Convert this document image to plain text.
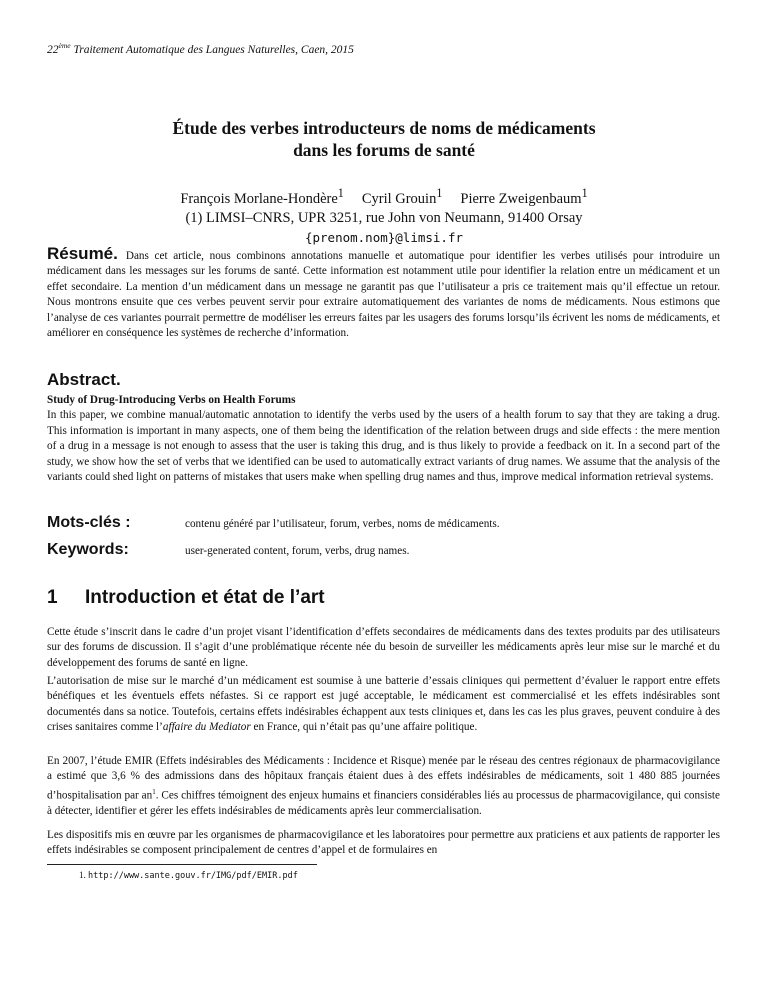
22ème Traitement Automatique des Langues Naturelles, Caen, 2015
Étude des verbes introducteurs de noms de médicaments
dans les forums de santé
François Morlane-Hondère$^1$ Cyril Grouin$^1$ Pierre Zweigenbaum$^1$
(1) LIMSI–CNRS, UPR 3251, rue John von Neumann, 91400 Orsay
{prenom.nom}@limsi.fr
Résumé. Dans cet article, nous combinons annotations manuelle et automatique pour identifier les verbes utilisés pour introduire un médicament dans les messages sur les forums de santé. Cette information est notamment utile pour identifier la relation entre un médicament et un effet secondaire. La mention d’un médicament dans un message ne garantit pas que l’utilisateur a pris ce traitement mais qu’il effectue un retour. Nous montrons ensuite que ces verbes peuvent servir pour extraire automatiquement des variantes de noms de médicaments. Nous estimons que l’analyse de ces variantes pourrait permettre de modéliser les erreurs faites par les usagers des forums lorsqu’ils écrivent les noms de médicaments, et améliorer en conséquence les systèmes de recherche d’information.
Abstract.
Study of Drug-Introducing Verbs on Health Forums
In this paper, we combine manual/automatic annotation to identify the verbs used by the users of a health forum to say that they are taking a drug. This information is important in many aspects, one of them being the identification of the relation between drugs and side effects : the mere mention of a drug in a message is not enough to assess that the user is taking this drug, and is thus likely to provide a feedback on it. In a second part of the study, we show how the set of verbs that we identified can be used to automatically extract variants of drug names. We assume that the analysis of the variants could shed light on patterns of mistakes that users make when spelling drug names and thus, improve medical information retrieval systems.
Mots-clés :	contenu généré par l’utilisateur, forum, verbes, noms de médicaments.
Keywords:	user-generated content, forum, verbs, drug names.
1 Introduction et état de l’art
Cette étude s’inscrit dans le cadre d’un projet visant l’identification d’effets secondaires de médicaments dans des textes produits par des utilisateurs sur des forums de discussion. Il s’agit d’une problématique récente née du besoin de surveiller les médicaments après leur mise sur le marché et du développement des forums de santé en ligne.
L’autorisation de mise sur le marché d’un médicament est soumise à une batterie d’essais cliniques qui permettent d’évaluer le rapport entre effets bénéfiques et les éventuels effets néfastes. Si ce rapport est jugé acceptable, le médicament est commercialisé et les effets indésirables sont documentés dans sa notice. Toutefois, certains effets indésirables échappent aux tests cliniques et, dans les cas les plus graves, peuvent conduire à des crises sanitaires comme l’affaire du Mediator en France, qui n’était pas qu’une affaire politique.
En 2007, l’étude EMIR (Effets indésirables des Médicaments : Incidence et Risque) menée par le réseau des centres régionaux de pharmacovigilance a estimé que 3,6 % des admissions dans des hôpitaux français étaient dues à des effets indésirables de médicaments, soit 1 480 885 journées d’hospitalisation par $an^1$. Ces chiffres témoignent des enjeux humains et financiers considérables liés au processus de pharmacovigilance, qui consiste à détecter, identifier et gérer les effets indésirables de médicaments après leur commercialisation.
Les dispositifs mis en œuvre par les organismes de pharmacovigilance et les laboratoires pour permettre aux praticiens et aux patients de rapporter les effets indésirables se composent principalement de centres d’appel et de formulaires en
1. http://www.sante.gouv.fr/IMG/pdf/EMIR.pdf
